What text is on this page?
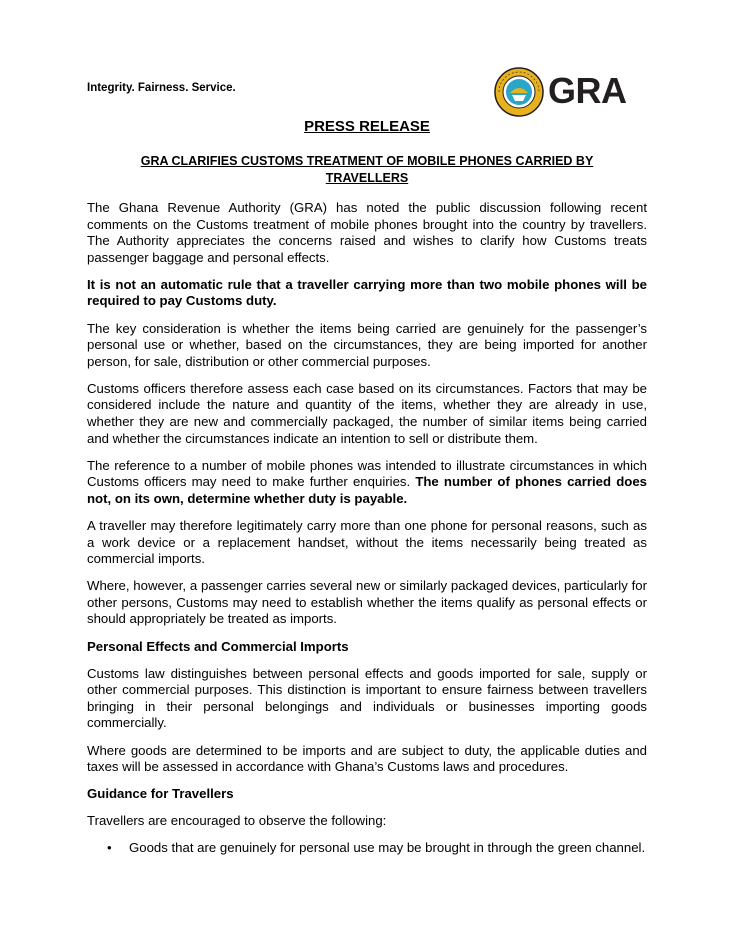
Integrity. Fairness. Service.	GRA
PRESS RELEASE
GRA CLARIFIES CUSTOMS TREATMENT OF MOBILE PHONES CARRIED BY TRAVELLERS

The Ghana Revenue Authority (GRA) has noted the public discussion following recent comments on the Customs treatment of mobile phones brought into the country by travellers. The Authority appreciates the concerns raised and wishes to clarify how Customs treats passenger baggage and personal effects.

It is not an automatic rule that a traveller carrying more than two mobile phones will be required to pay Customs duty.

The key consideration is whether the items being carried are genuinely for the passenger’s personal use or whether, based on the circumstances, they are being imported for another person, for sale, distribution or other commercial purposes.

Customs officers therefore assess each case based on its circumstances. Factors that may be considered include the nature and quantity of the items, whether they are already in use, whether they are new and commercially packaged, the number of similar items being carried and whether the circumstances indicate an intention to sell or distribute them.

The reference to a number of mobile phones was intended to illustrate circumstances in which Customs officers may need to make further enquiries. The number of phones carried does not, on its own, determine whether duty is payable.

A traveller may therefore legitimately carry more than one phone for personal reasons, such as a work device or a replacement handset, without the items necessarily being treated as commercial imports.

Where, however, a passenger carries several new or similarly packaged devices, particularly for other persons, Customs may need to establish whether the items qualify as personal effects or should appropriately be treated as imports.

Personal Effects and Commercial Imports

Customs law distinguishes between personal effects and goods imported for sale, supply or other commercial purposes. This distinction is important to ensure fairness between travellers bringing in their personal belongings and individuals or businesses importing goods commercially.

Where goods are determined to be imports and are subject to duty, the applicable duties and taxes will be assessed in accordance with Ghana’s Customs laws and procedures.

Guidance for Travellers

Travellers are encouraged to observe the following:

• Goods that are genuinely for personal use may be brought in through the green channel.
